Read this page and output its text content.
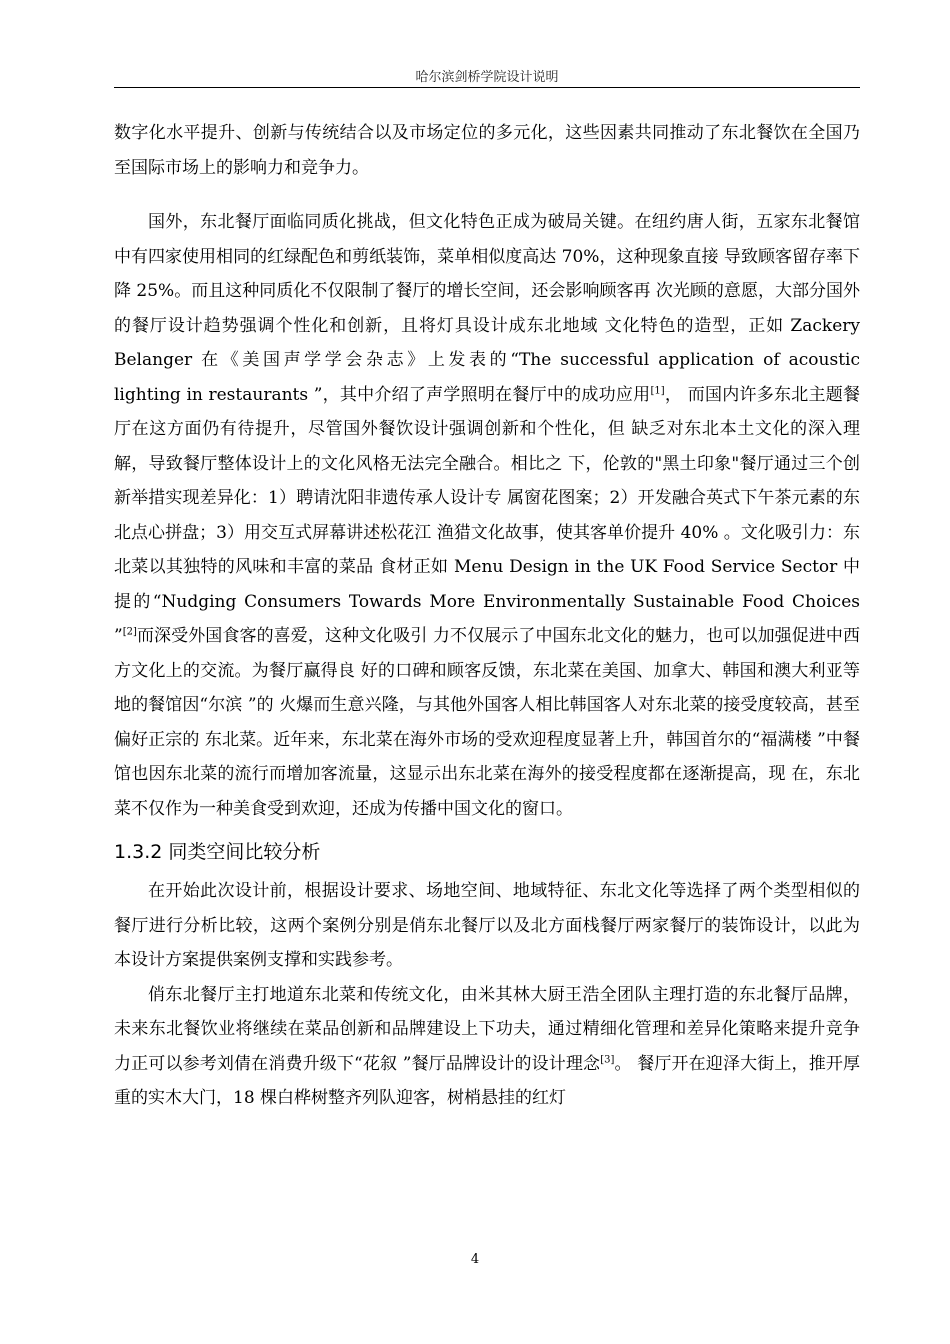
哈尔滨剑桥学院设计说明

数字化水平提升、创新与传统结合以及市场定位的多元化，这些因素共同推动了东北餐饮在全国乃至国际市场上的影响力和竞争力。

国外，东北餐厅面临同质化挑战，但文化特色正成为破局关键。在纽约唐人街，五家东北餐馆中有四家使用相同的红绿配色和剪纸装饰，菜单相似度高达 70%，这种现象直接 导致顾客留存率下降 25%。而且这种同质化不仅限制了餐厅的增长空间，还会影响顾客再 次光顾的意愿，大部分国外的餐厅设计趋势强调个性化和创新，且将灯具设计成东北地域 文化特色的造型，正如 Zackery Belanger 在《美国声学学会杂志》上发表的“The successful application of acoustic lighting in restaurants ”，其中介绍了声学照明在餐厅中的成功应用[1]， 而国内许多东北主题餐厅在这方面仍有待提升，尽管国外餐饮设计强调创新和个性化，但 缺乏对东北本土文化的深入理解，导致餐厅整体设计上的文化风格无法完全融合。相比之 下，伦敦的"黑土印象"餐厅通过三个创新举措实现差异化：1）聘请沈阳非遗传承人设计专 属窗花图案；2）开发融合英式下午茶元素的东北点心拼盘；3）用交互式屏幕讲述松花江 渔猎文化故事，使其客单价提升 40% 。文化吸引力：东北菜以其独特的风味和丰富的菜品 食材正如 Menu Design in the UK Food Service Sector 中提的“Nudging Consumers Towards More Environmentally Sustainable Food Choices ”[2]而深受外国食客的喜爱，这种文化吸引 力不仅展示了中国东北文化的魅力，也可以加强促进中西方文化上的交流。为餐厅赢得良 好的口碑和顾客反馈，东北菜在美国、加拿大、韩国和澳大利亚等地的餐馆因“尔滨 ”的 火爆而生意兴隆，与其他外国客人相比韩国客人对东北菜的接受度较高，甚至偏好正宗的 东北菜。近年来，东北菜在海外市场的受欢迎程度显著上升，韩国首尔的“福满楼 ”中餐 馆也因东北菜的流行而增加客流量，这显示出东北菜在海外的接受程度都在逐渐提高，现 在，东北菜不仅作为一种美食受到欢迎，还成为传播中国文化的窗口。

1.3.2 同类空间比较分析

在开始此次设计前，根据设计要求、场地空间、地域特征、东北文化等选择了两个类型相似的餐厅进行分析比较，这两个案例分别是俏东北餐厅以及北方面栈餐厅两家餐厅的装饰设计，以此为本设计方案提供案例支撑和实践参考。

俏东北餐厅主打地道东北菜和传统文化，由米其林大厨王浩全团队主理打造的东北餐厅品牌，未来东北餐饮业将继续在菜品创新和品牌建设上下功夫，通过精细化管理和差异化策略来提升竞争力正可以参考刘倩在消费升级下“花叙 ”餐厅品牌设计的设计理念[3]。 餐厅开在迎泽大街上，推开厚重的实木大门，18 棵白桦树整齐列队迎客，树梢悬挂的红灯

4
